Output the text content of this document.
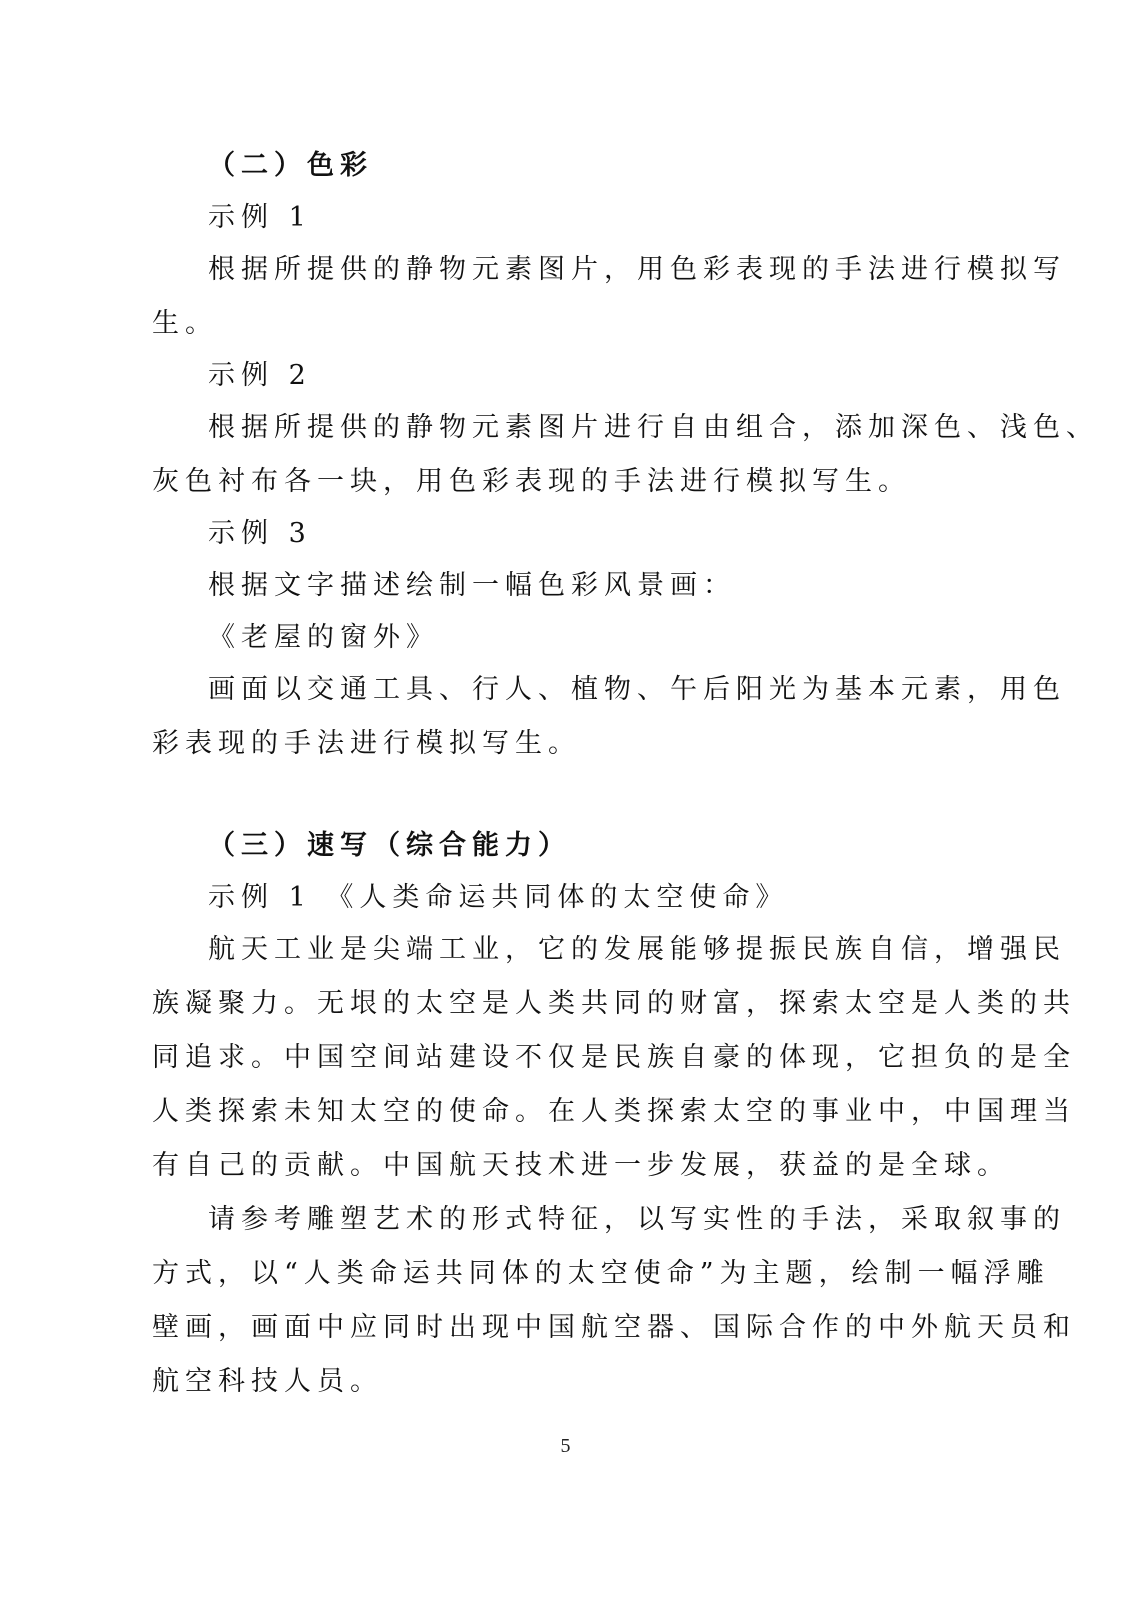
（二）色彩
示例 1
根据所提供的静物元素图片，用色彩表现的手法进行模拟写
生。
示例 2
根据所提供的静物元素图片进行自由组合，添加深色、浅色、
灰色衬布各一块，用色彩表现的手法进行模拟写生。
示例 3
根据文字描述绘制一幅色彩风景画：
《老屋的窗外》
画面以交通工具、行人、植物、午后阳光为基本元素，用色
彩表现的手法进行模拟写生。
（三）速写（综合能力）
示例 1 《人类命运共同体的太空使命》
航天工业是尖端工业，它的发展能够提振民族自信，增强民
族凝聚力。无垠的太空是人类共同的财富，探索太空是人类的共
同追求。中国空间站建设不仅是民族自豪的体现，它担负的是全
人类探索未知太空的使命。在人类探索太空的事业中，中国理当
有自己的贡献。中国航天技术进一步发展，获益的是全球。
请参考雕塑艺术的形式特征，以写实性的手法，采取叙事的
方式，以“人类命运共同体的太空使命”为主题，绘制一幅浮雕
壁画，画面中应同时出现中国航空器、国际合作的中外航天员和
航空科技人员。
5
